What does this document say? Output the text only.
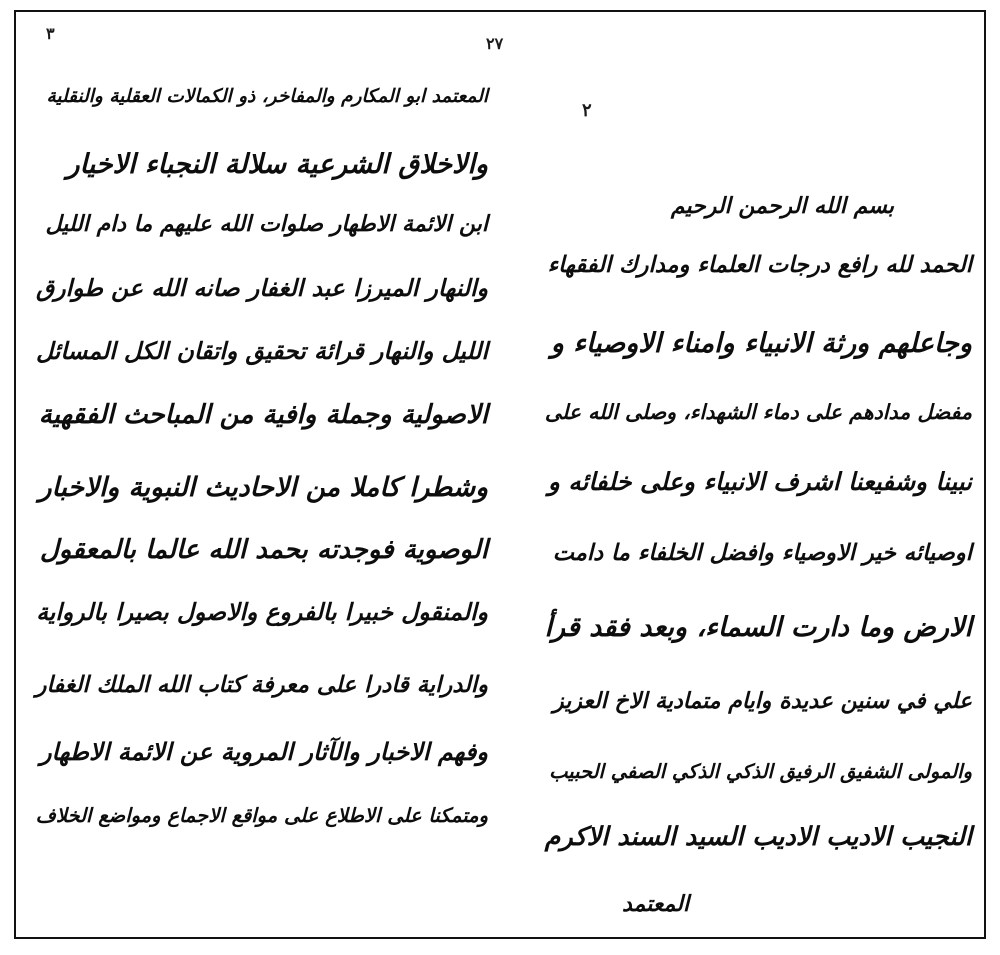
٣
٢٧
المعتمد ابو المكارم والمفاخر، ذو الكمالات العقلية والنقلية
والاخلاق الشرعية سلالة النجباء الاخيار
ابن الائمة الاطهار صلوات الله عليهم ما دام الليل
والنهار الميرزا عبد الغفار صانه الله عن طوارق
الليل والنهار قرائة تحقيق واتقان الكل المسائل
الاصولية وجملة وافية من المباحث الفقهية
وشطرا كاملا من الاحاديث النبوية والاخبار
الوصوية فوجدته بحمد الله عالما بالمعقول
والمنقول خبيرا بالفروع والاصول بصيرا بالرواية
والدراية قادرا على معرفة كتاب الله الملك الغفار
وفهم الاخبار والآثار المروية عن الائمة الاطهار
ومتمكنا على الاطلاع على مواقع الاجماع ومواضع الخلاف
٢
بسم الله الرحمن الرحيم
الحمد لله رافع درجات العلماء ومدارك الفقهاء
وجاعلهم ورثة الانبياء وامناء الاوصياء و
مفضل مدادهم على دماء الشهداء، وصلى الله على
نبينا وشفيعنا اشرف الانبياء وعلى خلفائه و
اوصيائه خير الاوصياء وافضل الخلفاء ما دامت
الارض وما دارت السماء، وبعد فقد قرأ
علي في سنين عديدة وايام متمادية الاخ العزيز
والمولى الشفيق الرفيق الذكي الذكي الصفي الحبيب
النجيب الاديب الاديب السيد السند الاكرم
المعتمد
